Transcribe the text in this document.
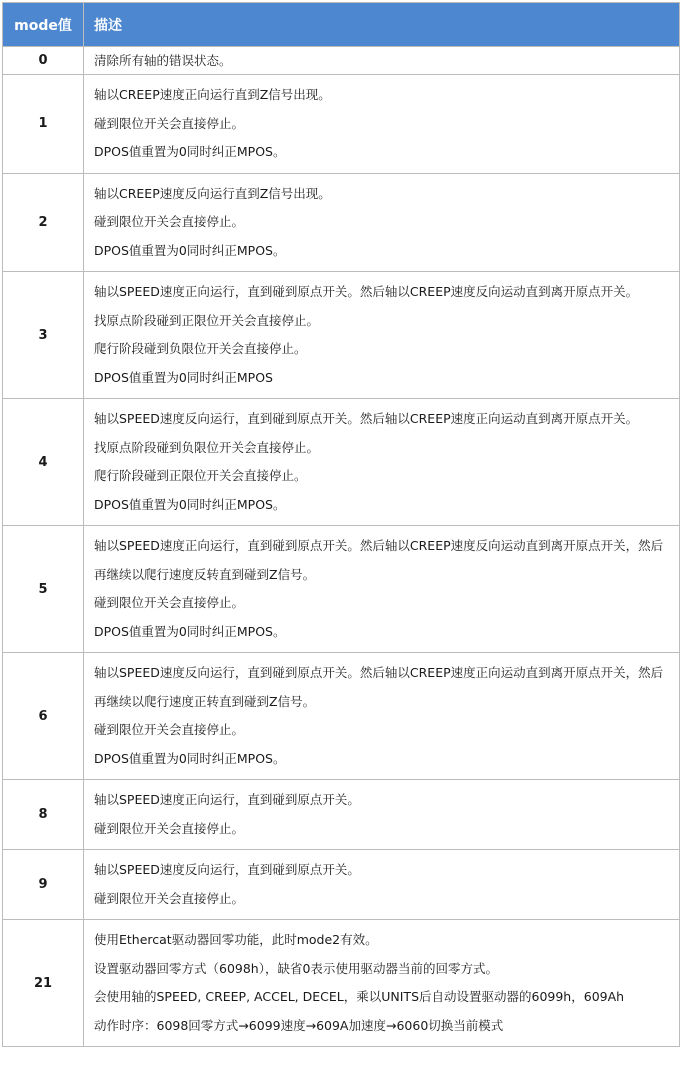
mode值	描述
0	清除所有轴的错误状态。

1	轴以CREEP速度正向运行直到Z信号出现。
碰到限位开关会直接停止。
DPOS值重置为0同时纠正MPOS。

2	轴以CREEP速度反向运行直到Z信号出现。
碰到限位开关会直接停止。
DPOS值重置为0同时纠正MPOS。

3	轴以SPEED速度正向运行，直到碰到原点开关。然后轴以CREEP速度反向运动直到离开原点开关。
找原点阶段碰到正限位开关会直接停止。
爬行阶段碰到负限位开关会直接停止。
DPOS值重置为0同时纠正MPOS

4	轴以SPEED速度反向运行，直到碰到原点开关。然后轴以CREEP速度正向运动直到离开原点开关。
找原点阶段碰到负限位开关会直接停止。
爬行阶段碰到正限位开关会直接停止。
DPOS值重置为0同时纠正MPOS。

5	轴以SPEED速度正向运行，直到碰到原点开关。然后轴以CREEP速度反向运动直到离开原点开关，然后再继续以爬行速度反转直到碰到Z信号。
碰到限位开关会直接停止。
DPOS值重置为0同时纠正MPOS。

6	轴以SPEED速度反向运行，直到碰到原点开关。然后轴以CREEP速度正向运动直到离开原点开关，然后再继续以爬行速度正转直到碰到Z信号。
碰到限位开关会直接停止。
DPOS值重置为0同时纠正MPOS。

8	轴以SPEED速度正向运行，直到碰到原点开关。
碰到限位开关会直接停止。

9	轴以SPEED速度反向运行，直到碰到原点开关。
碰到限位开关会直接停止。

21	使用Ethercat驱动器回零功能，此时mode2有效。
设置驱动器回零方式（6098h），缺省0表示使用驱动器当前的回零方式。
会使用轴的SPEED, CREEP, ACCEL, DECEL，乘以UNITS后自动设置驱动器的6099h，609Ah
动作时序：6098回零方式→6099速度→609A加速度→6060切换当前模式
